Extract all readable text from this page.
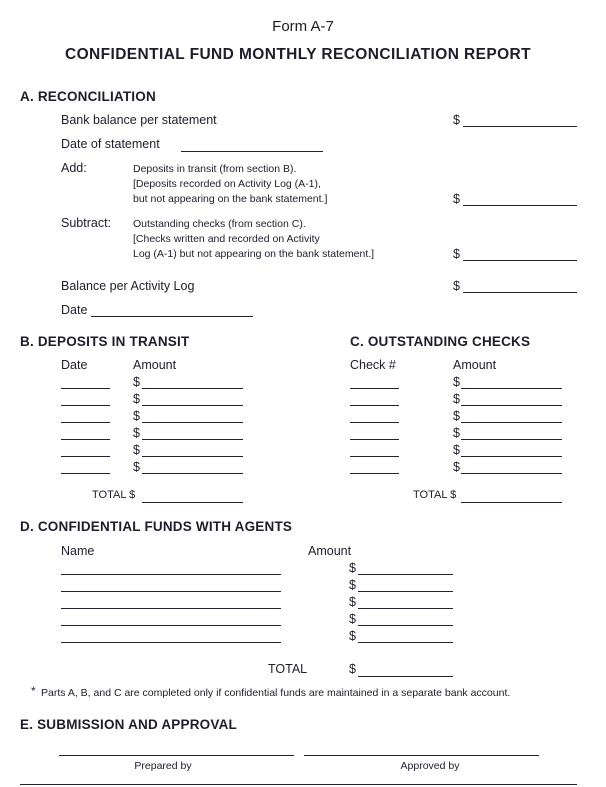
Form A-7
CONFIDENTIAL FUND MONTHLY RECONCILIATION REPORT
A. RECONCILIATION
Bank balance per statement	$
Date of statement
Add:	Deposits in transit (from section B).
[Deposits recorded on Activity Log (A-1),
but not appearing on the bank statement.]	$
Subtract: Outstanding checks (from section C).
[Checks written and recorded on Activity
Log (A-1) but not appearing on the bank statement.]	$
Balance per Activity Log	$
Date
B. DEPOSITS IN TRANSIT
Date	Amount
$
$
$
$
$
$
TOTAL $
C. OUTSTANDING CHECKS
Check #	Amount
$
$
$
$
$
$
TOTAL $
D. CONFIDENTIAL FUNDS WITH AGENTS
Name	Amount
$
$
$
$
$
TOTAL	$
* Parts A, B, and C are completed only if confidential funds are maintained in a separate bank account.
E. SUBMISSION AND APPROVAL
Prepared by	Approved by
